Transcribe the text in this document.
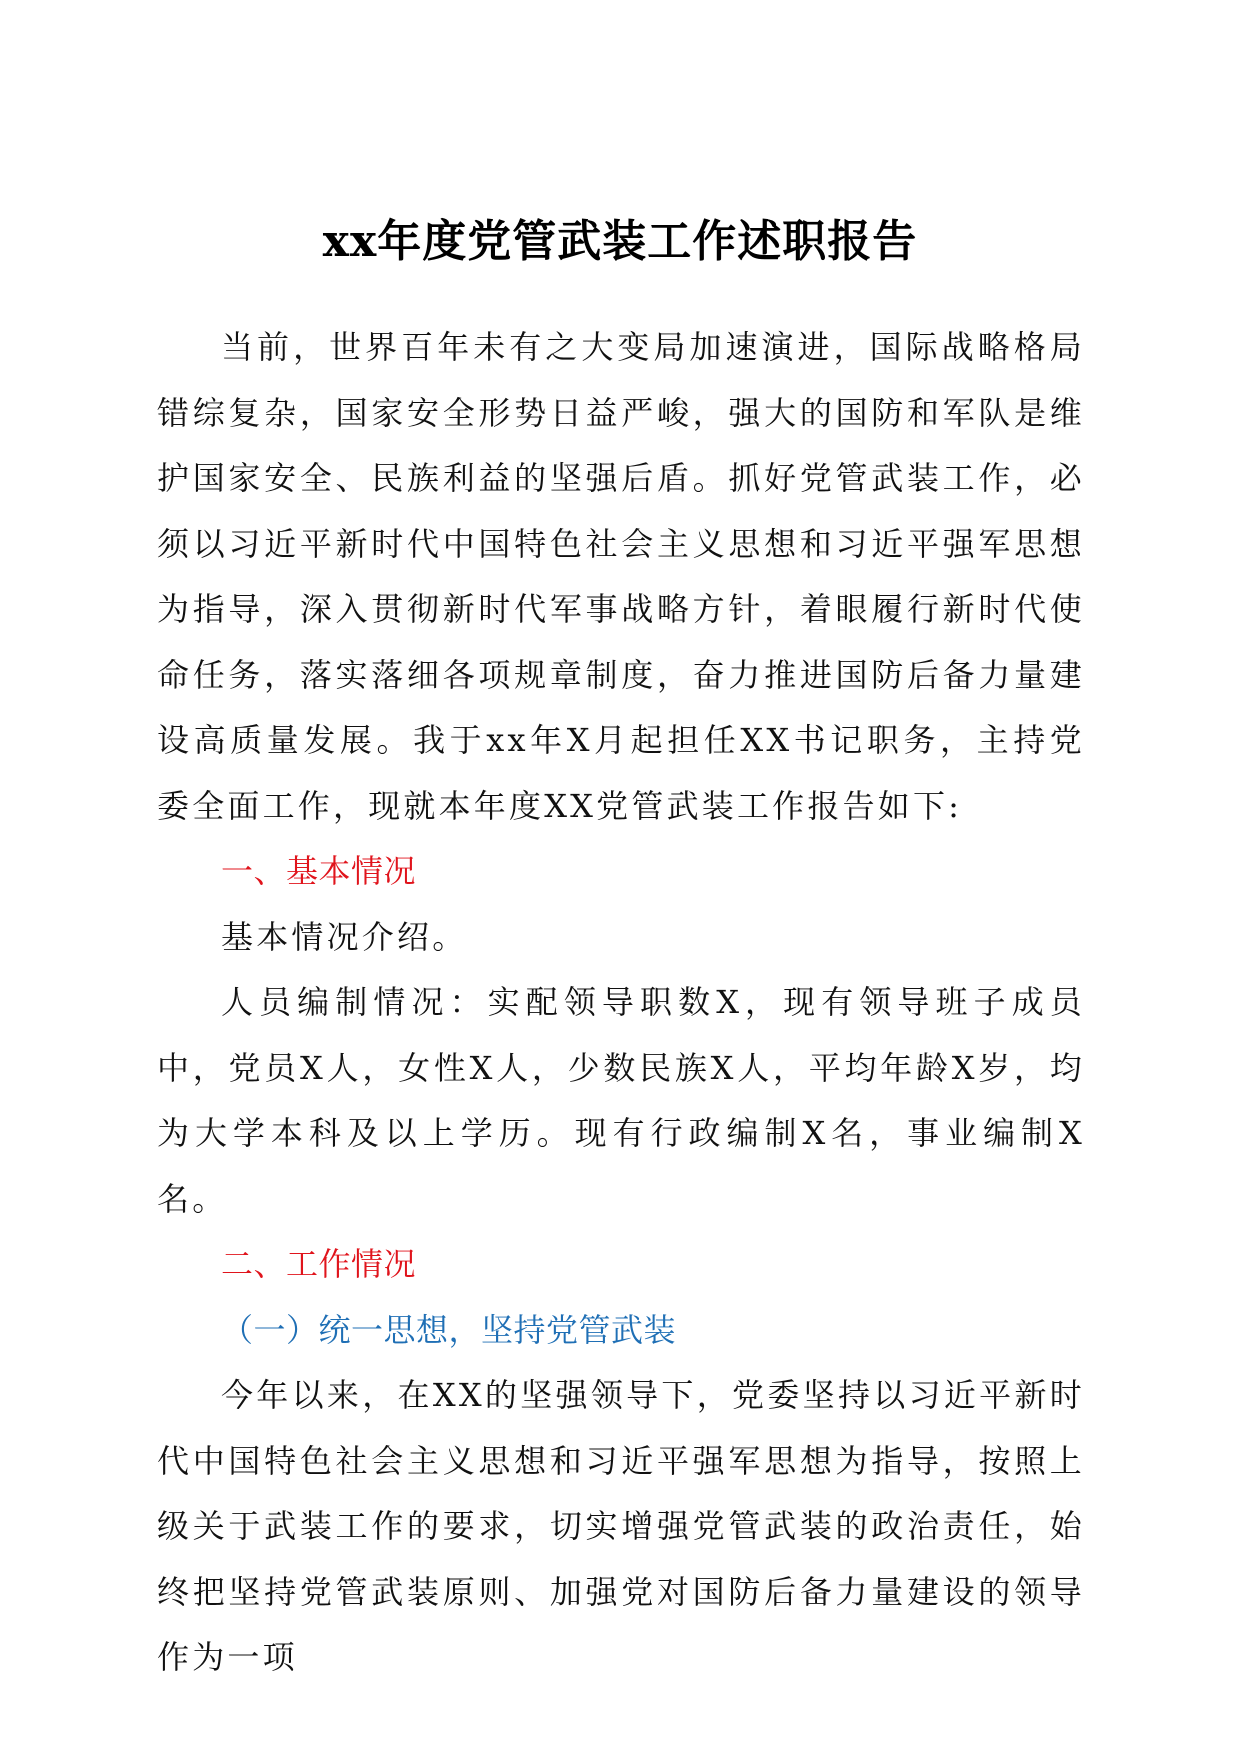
xx年度党管武装工作述职报告

当前，世界百年未有之大变局加速演进，国际战略格局错综复杂，国家安全形势日益严峻，强大的国防和军队是维护国家安全、民族利益的坚强后盾。抓好党管武装工作，必须以习近平新时代中国特色社会主义思想和习近平强军思想为指导，深入贯彻新时代军事战略方针，着眼履行新时代使命任务，落实落细各项规章制度，奋力推进国防后备力量建设高质量发展。我于xx年X月起担任XX书记职务，主持党委全面工作，现就本年度XX党管武装工作报告如下:

一、基本情况

基本情况介绍。

人员编制情况：实配领导职数X，现有领导班子成员中，党员X人，女性X人，少数民族X人，平均年龄X岁，均为大学本科及以上学历。现有行政编制X名，事业编制X名。

二、工作情况

（一）统一思想，坚持党管武装

今年以来，在XX的坚强领导下，党委坚持以习近平新时代中国特色社会主义思想和习近平强军思想为指导，按照上级关于武装工作的要求，切实增强党管武装的政治责任，始终把坚持党管武装原则、加强党对国防后备力量建设的领导作为一项
